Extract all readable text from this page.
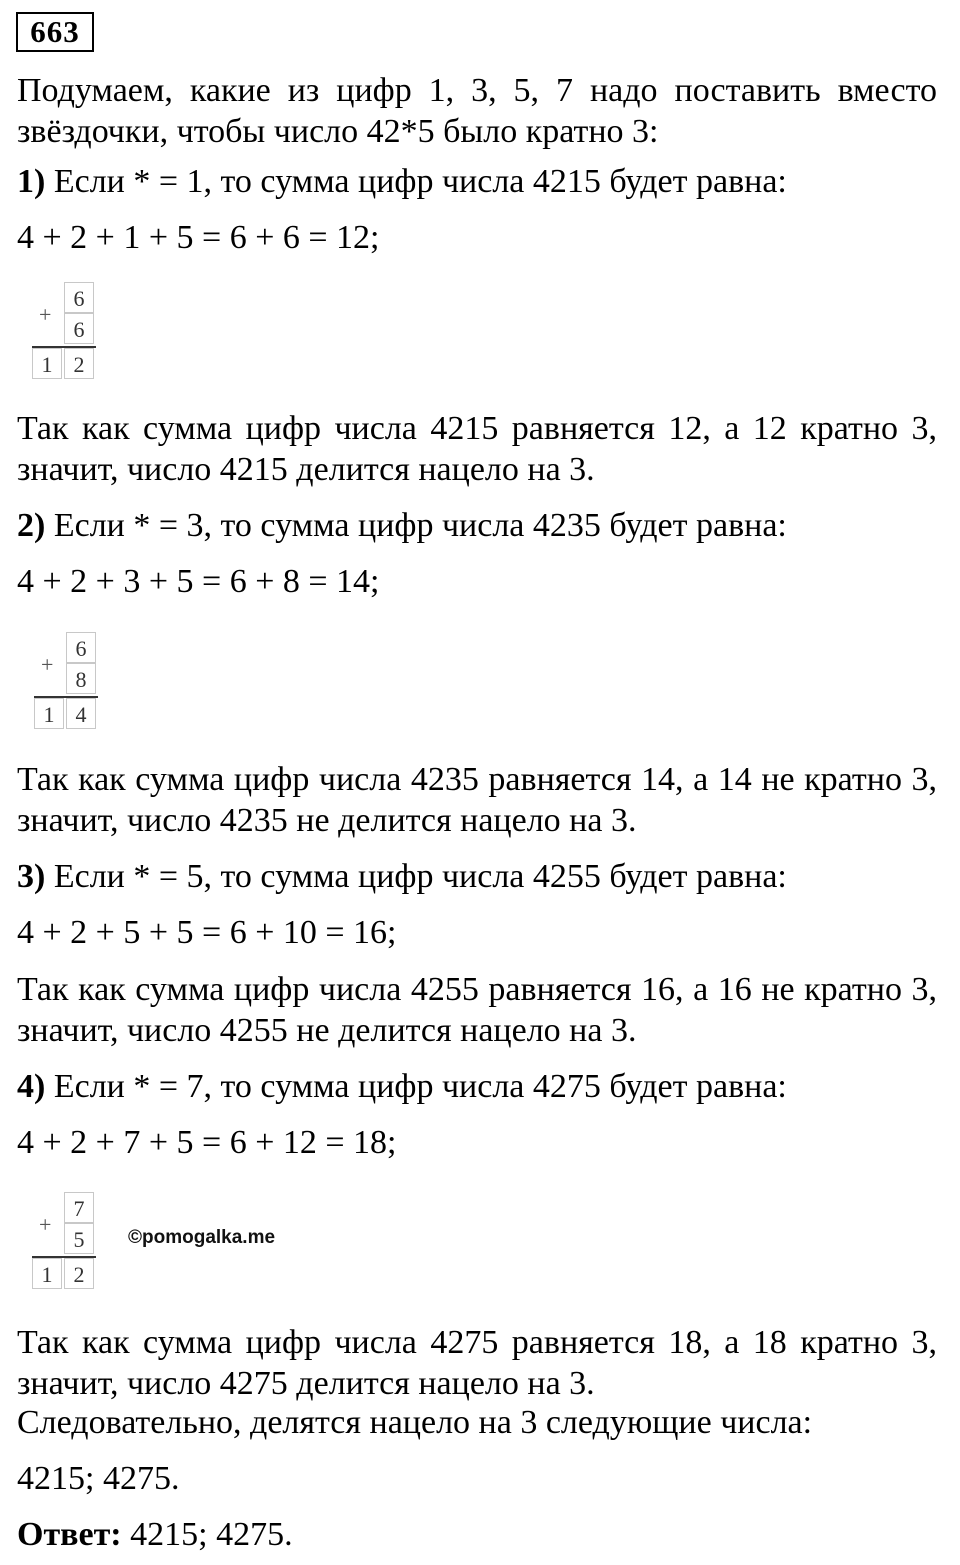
663
Подумаем, какие из цифр 1, 3, 5, 7 надо поставить вместо
звёздочки, чтобы число 42*5 было кратно 3:
1) Если * = 1, то сумма цифр числа 4215 будет равна:
4 + 2 + 1 + 5 = 6 + 6 = 12;
+
6
6
1 2
Так как сумма цифр числа 4215 равняется 12, а 12 кратно 3,
значит, число 4215 делится нацело на 3.
2) Если * = 3, то сумма цифр числа 4235 будет равна:
4 + 2 + 3 + 5 = 6 + 8 = 14;
+
6
8
1 4
Так как сумма цифр числа 4235 равняется 14, а 14 не кратно 3,
значит, число 4235 не делится нацело на 3.
3) Если * = 5, то сумма цифр числа 4255 будет равна:
4 + 2 + 5 + 5 = 6 + 10 = 16;
Так как сумма цифр числа 4255 равняется 16, а 16 не кратно 3,
значит, число 4255 не делится нацело на 3.
4) Если * = 7, то сумма цифр числа 4275 будет равна:
4 + 2 + 7 + 5 = 6 + 12 = 18;
+
7
5
1 2
©pomogalka.me
Так как сумма цифр числа 4275 равняется 18, а 18 кратно 3,
значит, число 4275 делится нацело на 3.
Следовательно, делятся нацело на 3 следующие числа:
4215; 4275.
Ответ: 4215; 4275.
